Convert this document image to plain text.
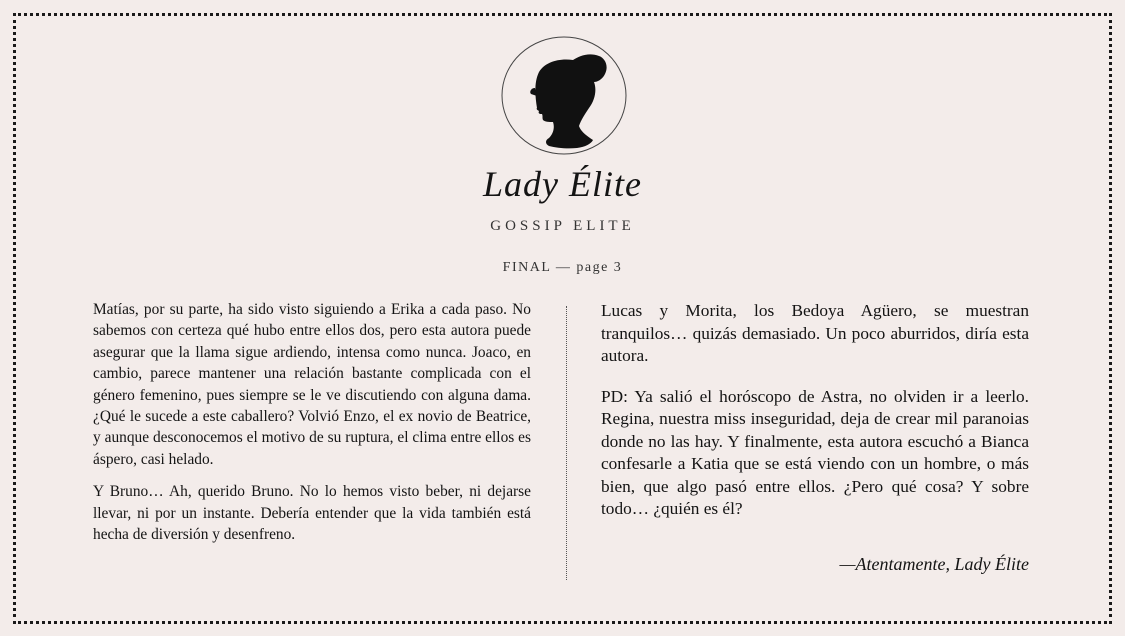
Lady Élite
GOSSIP ELITE
FINAL — page 3

Matías, por su parte, ha sido visto siguiendo a Erika a cada paso. No sabemos con certeza qué hubo entre ellos dos, pero esta autora puede asegurar que la llama sigue ardiendo, intensa como nunca. Joaco, en cambio, parece mantener una relación bastante complicada con el género femenino, pues siempre se le ve discutiendo con alguna dama. ¿Qué le sucede a este caballero? Volvió Enzo, el ex novio de Beatrice, y aunque desconocemos el motivo de su ruptura, el clima entre ellos es áspero, casi helado.

Y Bruno… Ah, querido Bruno. No lo hemos visto beber, ni dejarse llevar, ni por un instante. Debería entender que la vida también está hecha de diversión y desenfreno.

Lucas y Morita, los Bedoya Agüero, se muestran tranquilos… quizás demasiado. Un poco aburridos, diría esta autora.

PD: Ya salió el horóscopo de Astra, no olviden ir a leerlo. Regina, nuestra miss inseguridad, deja de crear mil paranoias donde no las hay. Y finalmente, esta autora escuchó a Bianca confesarle a Katia que se está viendo con un hombre, o más bien, que algo pasó entre ellos. ¿Pero qué cosa? Y sobre todo… ¿quién es él?

—Atentamente, Lady Élite
